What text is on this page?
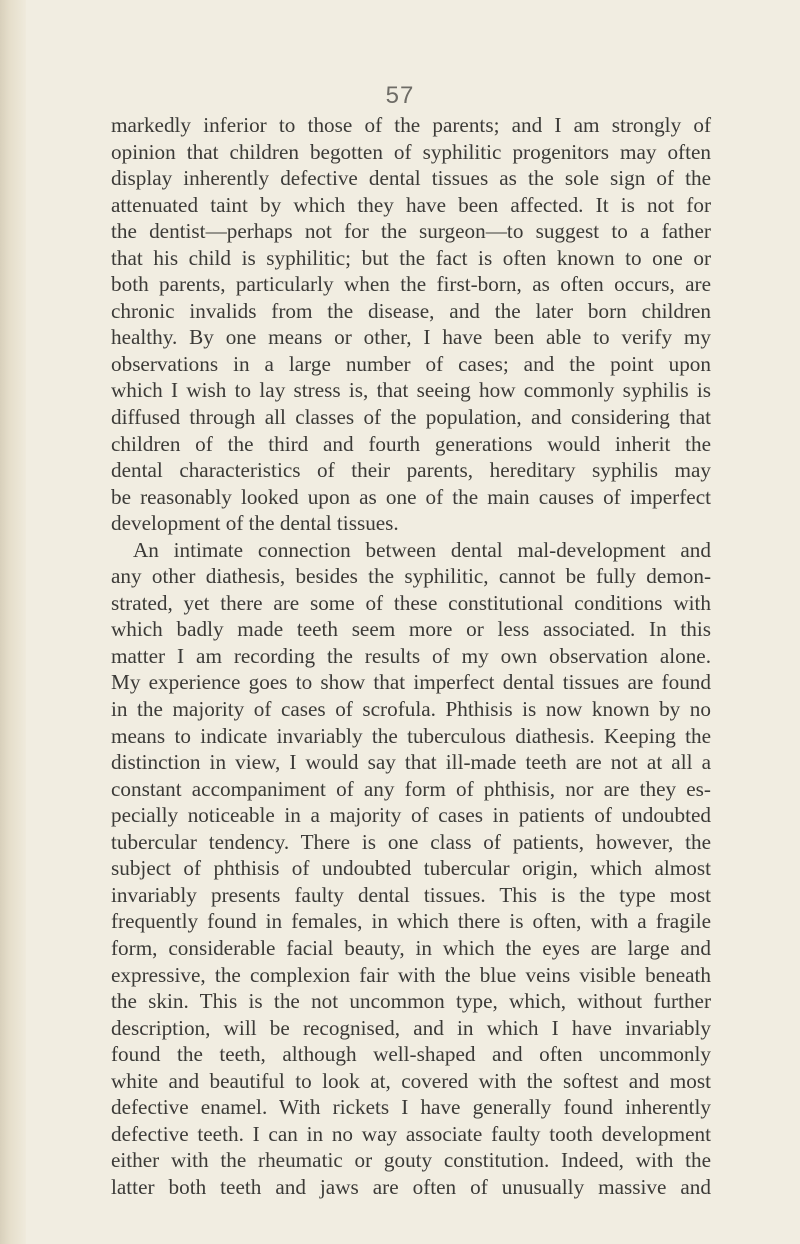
57
markedly inferior to those of the parents; and I am strongly of
opinion that children begotten of syphilitic progenitors may often
display inherently defective dental tissues as the sole sign of the
attenuated taint by which they have been affected. It is not for
the dentist—perhaps not for the surgeon—to suggest to a father
that his child is syphilitic; but the fact is often known to one or
both parents, particularly when the first-born, as often occurs, are
chronic invalids from the disease, and the later born children
healthy. By one means or other, I have been able to verify my
observations in a large number of cases; and the point upon
which I wish to lay stress is, that seeing how commonly syphilis is
diffused through all classes of the population, and considering that
children of the third and fourth generations would inherit the
dental characteristics of their parents, hereditary syphilis may
be reasonably looked upon as one of the main causes of imperfect
development of the dental tissues.
An intimate connection between dental mal-development and
any other diathesis, besides the syphilitic, cannot be fully demon-
strated, yet there are some of these constitutional conditions with
which badly made teeth seem more or less associated. In this
matter I am recording the results of my own observation alone.
My experience goes to show that imperfect dental tissues are found
in the majority of cases of scrofula. Phthisis is now known by no
means to indicate invariably the tuberculous diathesis. Keeping the
distinction in view, I would say that ill-made teeth are not at all a
constant accompaniment of any form of phthisis, nor are they es-
pecially noticeable in a majority of cases in patients of undoubted
tubercular tendency. There is one class of patients, however, the
subject of phthisis of undoubted tubercular origin, which almost
invariably presents faulty dental tissues. This is the type most
frequently found in females, in which there is often, with a fragile
form, considerable facial beauty, in which the eyes are large and
expressive, the complexion fair with the blue veins visible beneath
the skin. This is the not uncommon type, which, without further
description, will be recognised, and in which I have invariably
found the teeth, although well-shaped and often uncommonly
white and beautiful to look at, covered with the softest and most
defective enamel. With rickets I have generally found inherently
defective teeth. I can in no way associate faulty tooth development
either with the rheumatic or gouty constitution. Indeed, with the
latter both teeth and jaws are often of unusually massive and
